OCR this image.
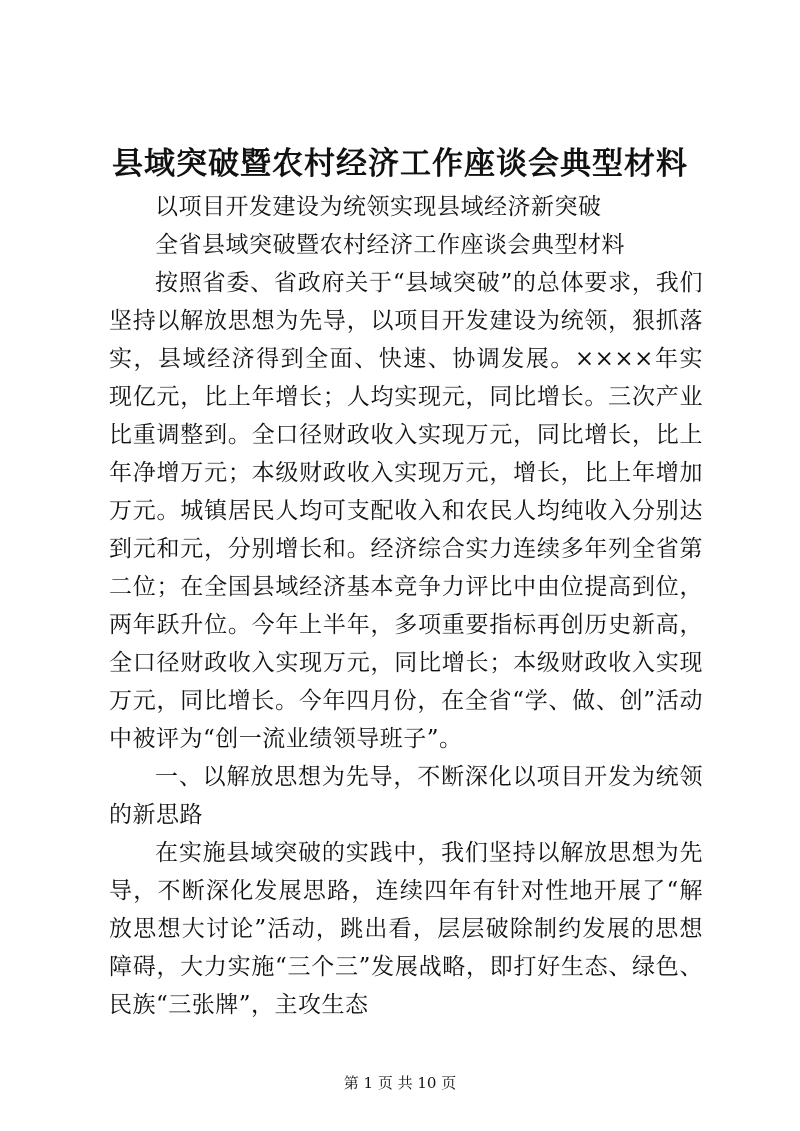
县域突破暨农村经济工作座谈会典型材料

以项目开发建设为统领实现县域经济新突破

全省县域突破暨农村经济工作座谈会典型材料

按照省委、省政府关于“县域突破”的总体要求，我们坚持以解放思想为先导，以项目开发建设为统领，狠抓落实，县域经济得到全面、快速、协调发展。××××年实现亿元，比上年增长；人均实现元，同比增长。三次产业比重调整到。全口径财政收入实现万元，同比增长，比上年净增万元；本级财政收入实现万元，增长，比上年增加万元。城镇居民人均可支配收入和农民人均纯收入分别达到元和元，分别增长和。经济综合实力连续多年列全省第二位；在全国县域经济基本竞争力评比中由位提高到位，两年跃升位。今年上半年，多项重要指标再创历史新高，全口径财政收入实现万元，同比增长；本级财政收入实现万元，同比增长。今年四月份，在全省“学、做、创”活动中被评为“创一流业绩领导班子”。

一、以解放思想为先导，不断深化以项目开发为统领的新思路

在实施县域突破的实践中，我们坚持以解放思想为先导，不断深化发展思路，连续四年有针对性地开展了“解放思想大讨论”活动，跳出看，层层破除制约发展的思想障碍，大力实施“三个三”发展战略，即打好生态、绿色、民族“三张牌”，主攻生态

第 1 页 共 10 页
